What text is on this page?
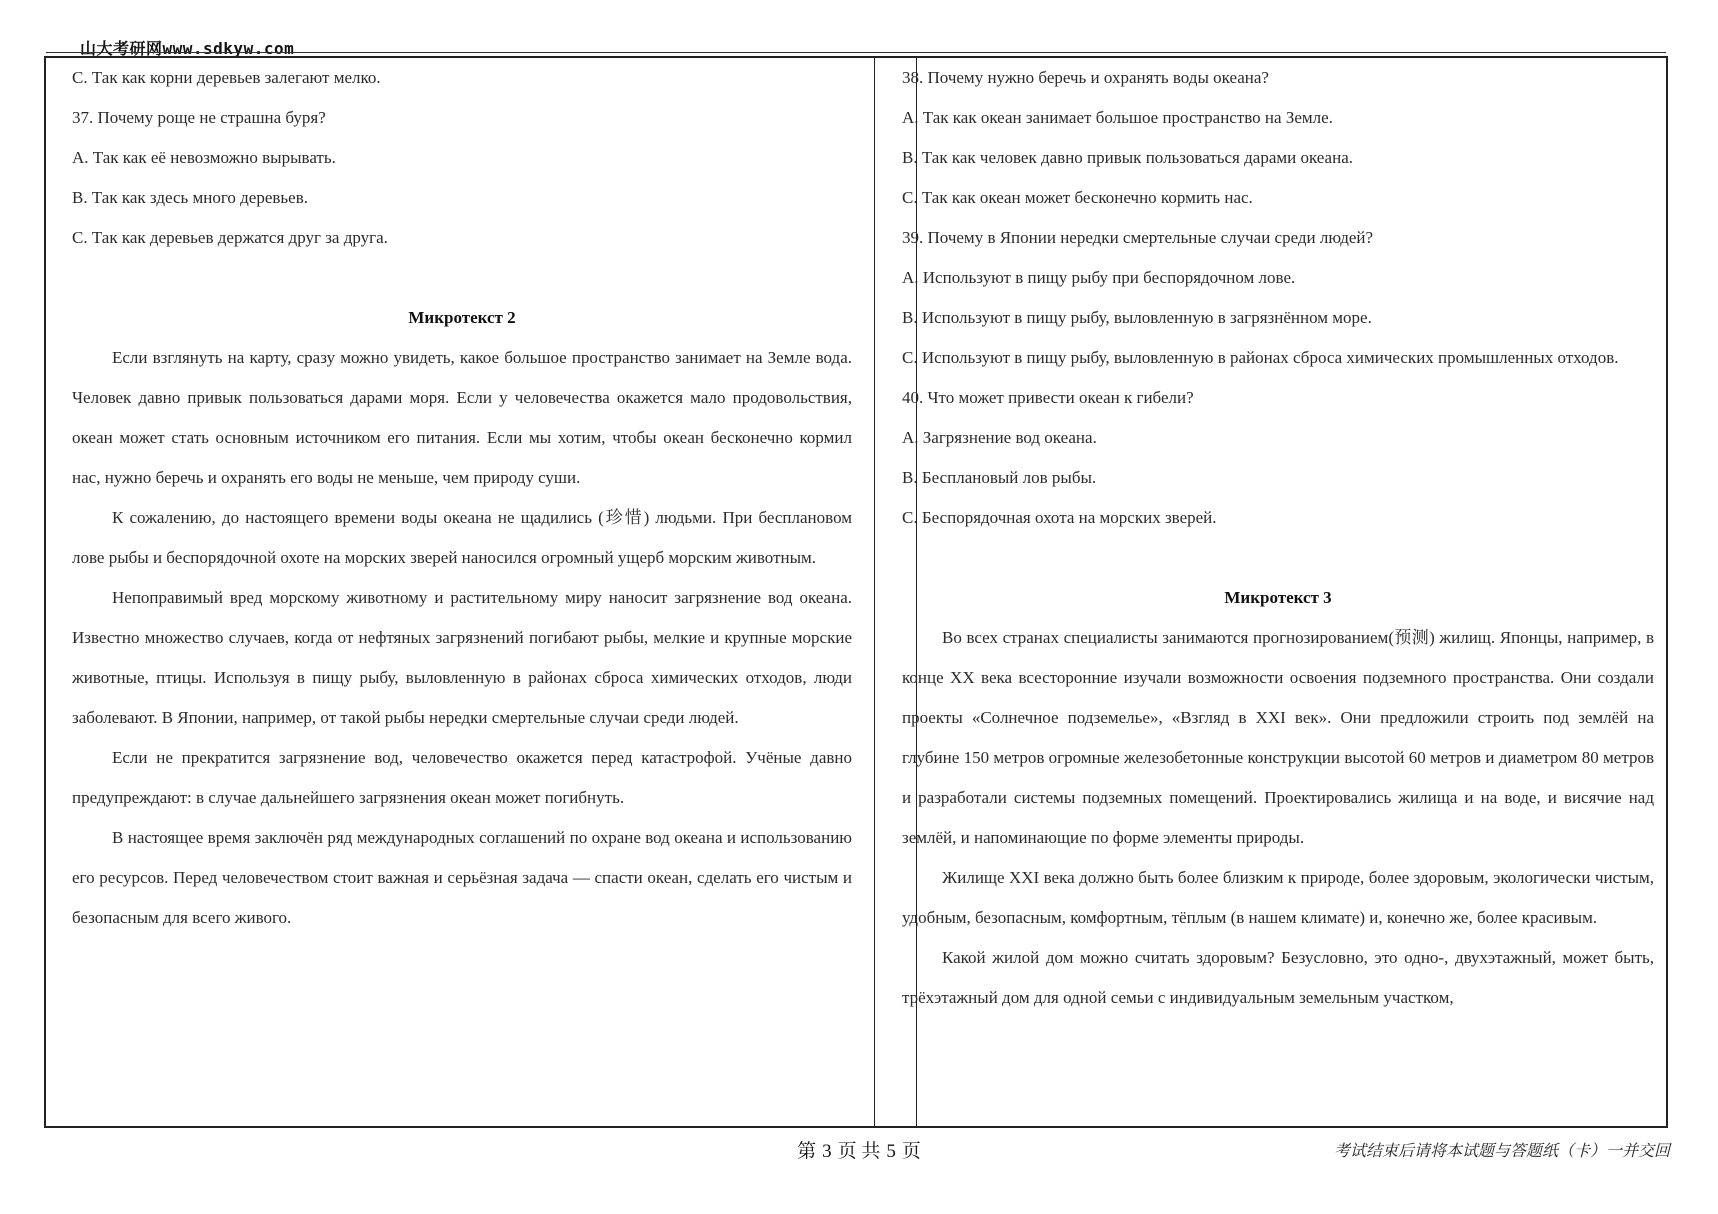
山大考研网www.sdkyw.com
С. Так как корни деревьев залегают мелко.
37. Почему роще не страшна буря?
А. Так как её невозможно вырывать.
В. Так как здесь много деревьев.
С. Так как деревьев держатся друг за друга.
Микротекст 2
Если взглянуть на карту, сразу можно увидеть, какое большое пространство занимает на Земле вода. Человек давно привык пользоваться дарами моря. Если у человечества окажется мало продовольствия, океан может стать основным источником его питания. Если мы хотим, чтобы океан бесконечно кормил нас, нужно беречь и охранять его воды не меньше, чем природу суши.
К сожалению, до настоящего времени воды океана не щадились (珍惜) людьми. При бесплановом лове рыбы и беспорядочной охоте на морских зверей наносился огромный ущерб морским животным.
Непоправимый вред морскому животному и растительному миру наносит загрязнение вод океана. Известно множество случаев, когда от нефтяных загрязнений погибают рыбы, мелкие и крупные морские животные, птицы. Используя в пищу рыбу, выловленную в районах сброса химических отходов, люди заболевают. В Японии, например, от такой рыбы нередки смертельные случаи среди людей.
Если не прекратится загрязнение вод, человечество окажется перед катастрофой. Учёные давно предупреждают: в случае дальнейшего загрязнения океан может погибнуть.
В настоящее время заключён ряд международных соглашений по охране вод океана и использованию его ресурсов. Перед человечеством стоит важная и серьёзная задача — спасти океан, сделать его чистым и безопасным для всего живого.
38. Почему нужно беречь и охранять воды океана?
А. Так как океан занимает большое пространство на Земле.
В. Так как человек давно привык пользоваться дарами океана.
С. Так как океан может бесконечно кормить нас.
39. Почему в Японии нередки смертельные случаи среди людей?
А. Используют в пищу рыбу при беспорядочном лове.
В. Используют в пищу рыбу, выловленную в загрязнённом море.
С. Используют в пищу рыбу, выловленную в районах сброса химических промышленных отходов.
40. Что может привести океан к гибели?
А. Загрязнение вод океана.
В. Бесплановый лов рыбы.
С. Беспорядочная охота на морских зверей.
Микротекст 3
Во всех странах специалисты занимаются прогнозированием(预测) жилищ. Японцы, например, в конце XX века всесторонние изучали возможности освоения подземного пространства. Они создали проекты «Солнечное подземелье», «Взгляд в XXI век». Они предложили строить под землёй на глубине 150 метров огромные железобетонные конструкции высотой 60 метров и диаметром 80 метров и разработали системы подземных помещений. Проектировались жилища и на воде, и висячие над землёй, и напоминающие по форме элементы природы.
Жилище XXI века должно быть более близким к природе, более здоровым, экологически чистым, удобным, безопасным, комфортным, тёплым (в нашем климате) и, конечно же, более красивым.
Какой жилой дом можно считать здоровым? Безусловно, это одно-, двухэтажный, может быть, трёхэтажный дом для одной семьи с индивидуальным земельным участком,
第 3 页 共 5 页	考试结束后请将本试题与答题纸（卡）一并交回
